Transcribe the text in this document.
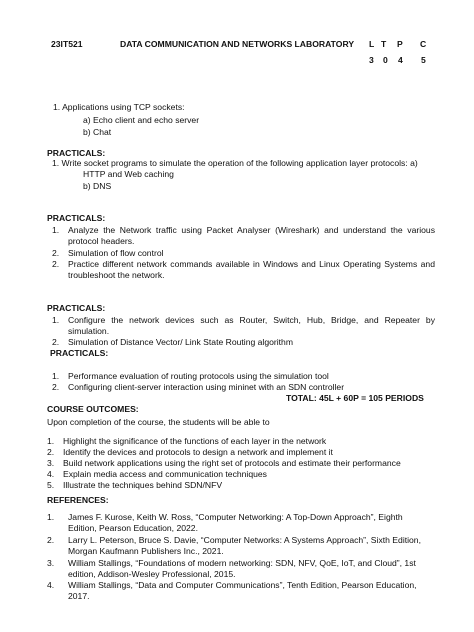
23IT521	DATA COMMUNICATION AND NETWORKS LABORATORY L T P C
3 0 4 5
1. Applications using TCP sockets:
a) Echo client and echo server
b) Chat
PRACTICALS:
1. Write socket programs to simulate the operation of the following application layer protocols: a)
HTTP and Web caching
b) DNS
PRACTICALS:
1. Analyze the Network traffic using Packet Analyser (Wireshark) and understand the various protocol headers.
2. Simulation of flow control
2. Practice different network commands available in Windows and Linux Operating Systems and troubleshoot the network.
PRACTICALS:
1. Configure the network devices such as Router, Switch, Hub, Bridge, and Repeater by simulation.
2. Simulation of Distance Vector/ Link State Routing algorithm
PRACTICALS:
1. Performance evaluation of routing protocols using the simulation tool
2. Configuring client-server interaction using mininet with an SDN controller
TOTAL: 45L + 60P = 105 PERIODS
COURSE OUTCOMES:
Upon completion of the course, the students will be able to
1. Highlight the significance of the functions of each layer in the network
2. Identify the devices and protocols to design a network and implement it
3. Build network applications using the right set of protocols and estimate their performance
4. Explain media access and communication techniques
5. Illustrate the techniques behind SDN/NFV
REFERENCES:
1. James F. Kurose, Keith W. Ross, “Computer Networking: A Top-Down Approach”, Eighth
Edition, Pearson Education, 2022.
2. Larry L. Peterson, Bruce S. Davie, “Computer Networks: A Systems Approach”, Sixth Edition,
Morgan Kaufmann Publishers Inc., 2021.
3. William Stallings, “Foundations of modern networking: SDN, NFV, QoE, IoT, and Cloud”, 1st
edition, Addison-Wesley Professional, 2015.
4. William Stallings, “Data and Computer Communications”, Tenth Edition, Pearson Education,
2017.
